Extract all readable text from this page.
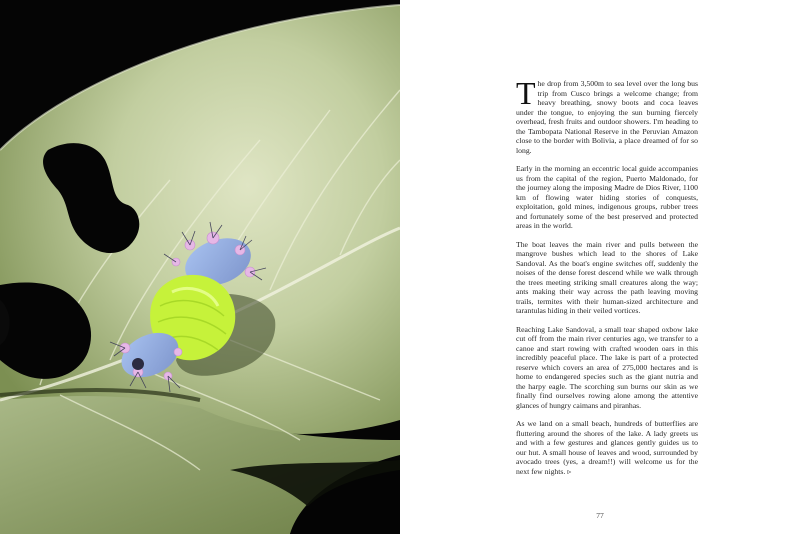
The drop from 3,500m to sea level over the long bus trip from Cusco brings a welcome change; from heavy breathing, snowy boots and coca leaves under the tongue, to enjoying the sun burning fiercely overhead, fresh fruits and outdoor showers. I'm heading to the Tambopata National Reserve in the Peruvian Amazon close to the border with Bolivia, a place dreamed of for so long.

Early in the morning an eccentric local guide accompanies us from the capital of the region, Puerto Maldonado, for the journey along the imposing Madre de Dios River, 1100 km of flowing water hiding stories of conquests, exploitation, gold mines, indigenous groups, rubber trees and fortunately some of the best preserved and protected areas in the world.

The boat leaves the main river and pulls between the mangrove bushes which lead to the shores of Lake Sandoval. As the boat's engine switches off, suddenly the noises of the dense forest descend while we walk through the trees meeting striking small creatures along the way; ants making their way across the path leaving moving trails, termites with their human-sized architecture and tarantulas hiding in their veiled vortices.

Reaching Lake Sandoval, a small tear shaped oxbow lake cut off from the main river centuries ago, we transfer to a canoe and start rowing with crafted wooden oars in this incredibly peaceful place. The lake is part of a protected reserve which covers an area of 275,000 hectares and is home to endangered species such as the giant nutria and the harpy eagle. The scorching sun burns our skin as we finally find ourselves rowing alone among the attentive glances of hungry caimans and piranhas.

As we land on a small beach, hundreds of butterflies are fluttering around the shores of the lake. A lady greets us and with a few gestures and glances gently guides us to our hut. A small house of leaves and wood, surrounded by avocado trees (yes, a dream!!) will welcome us for the next few nights. ▹

77
